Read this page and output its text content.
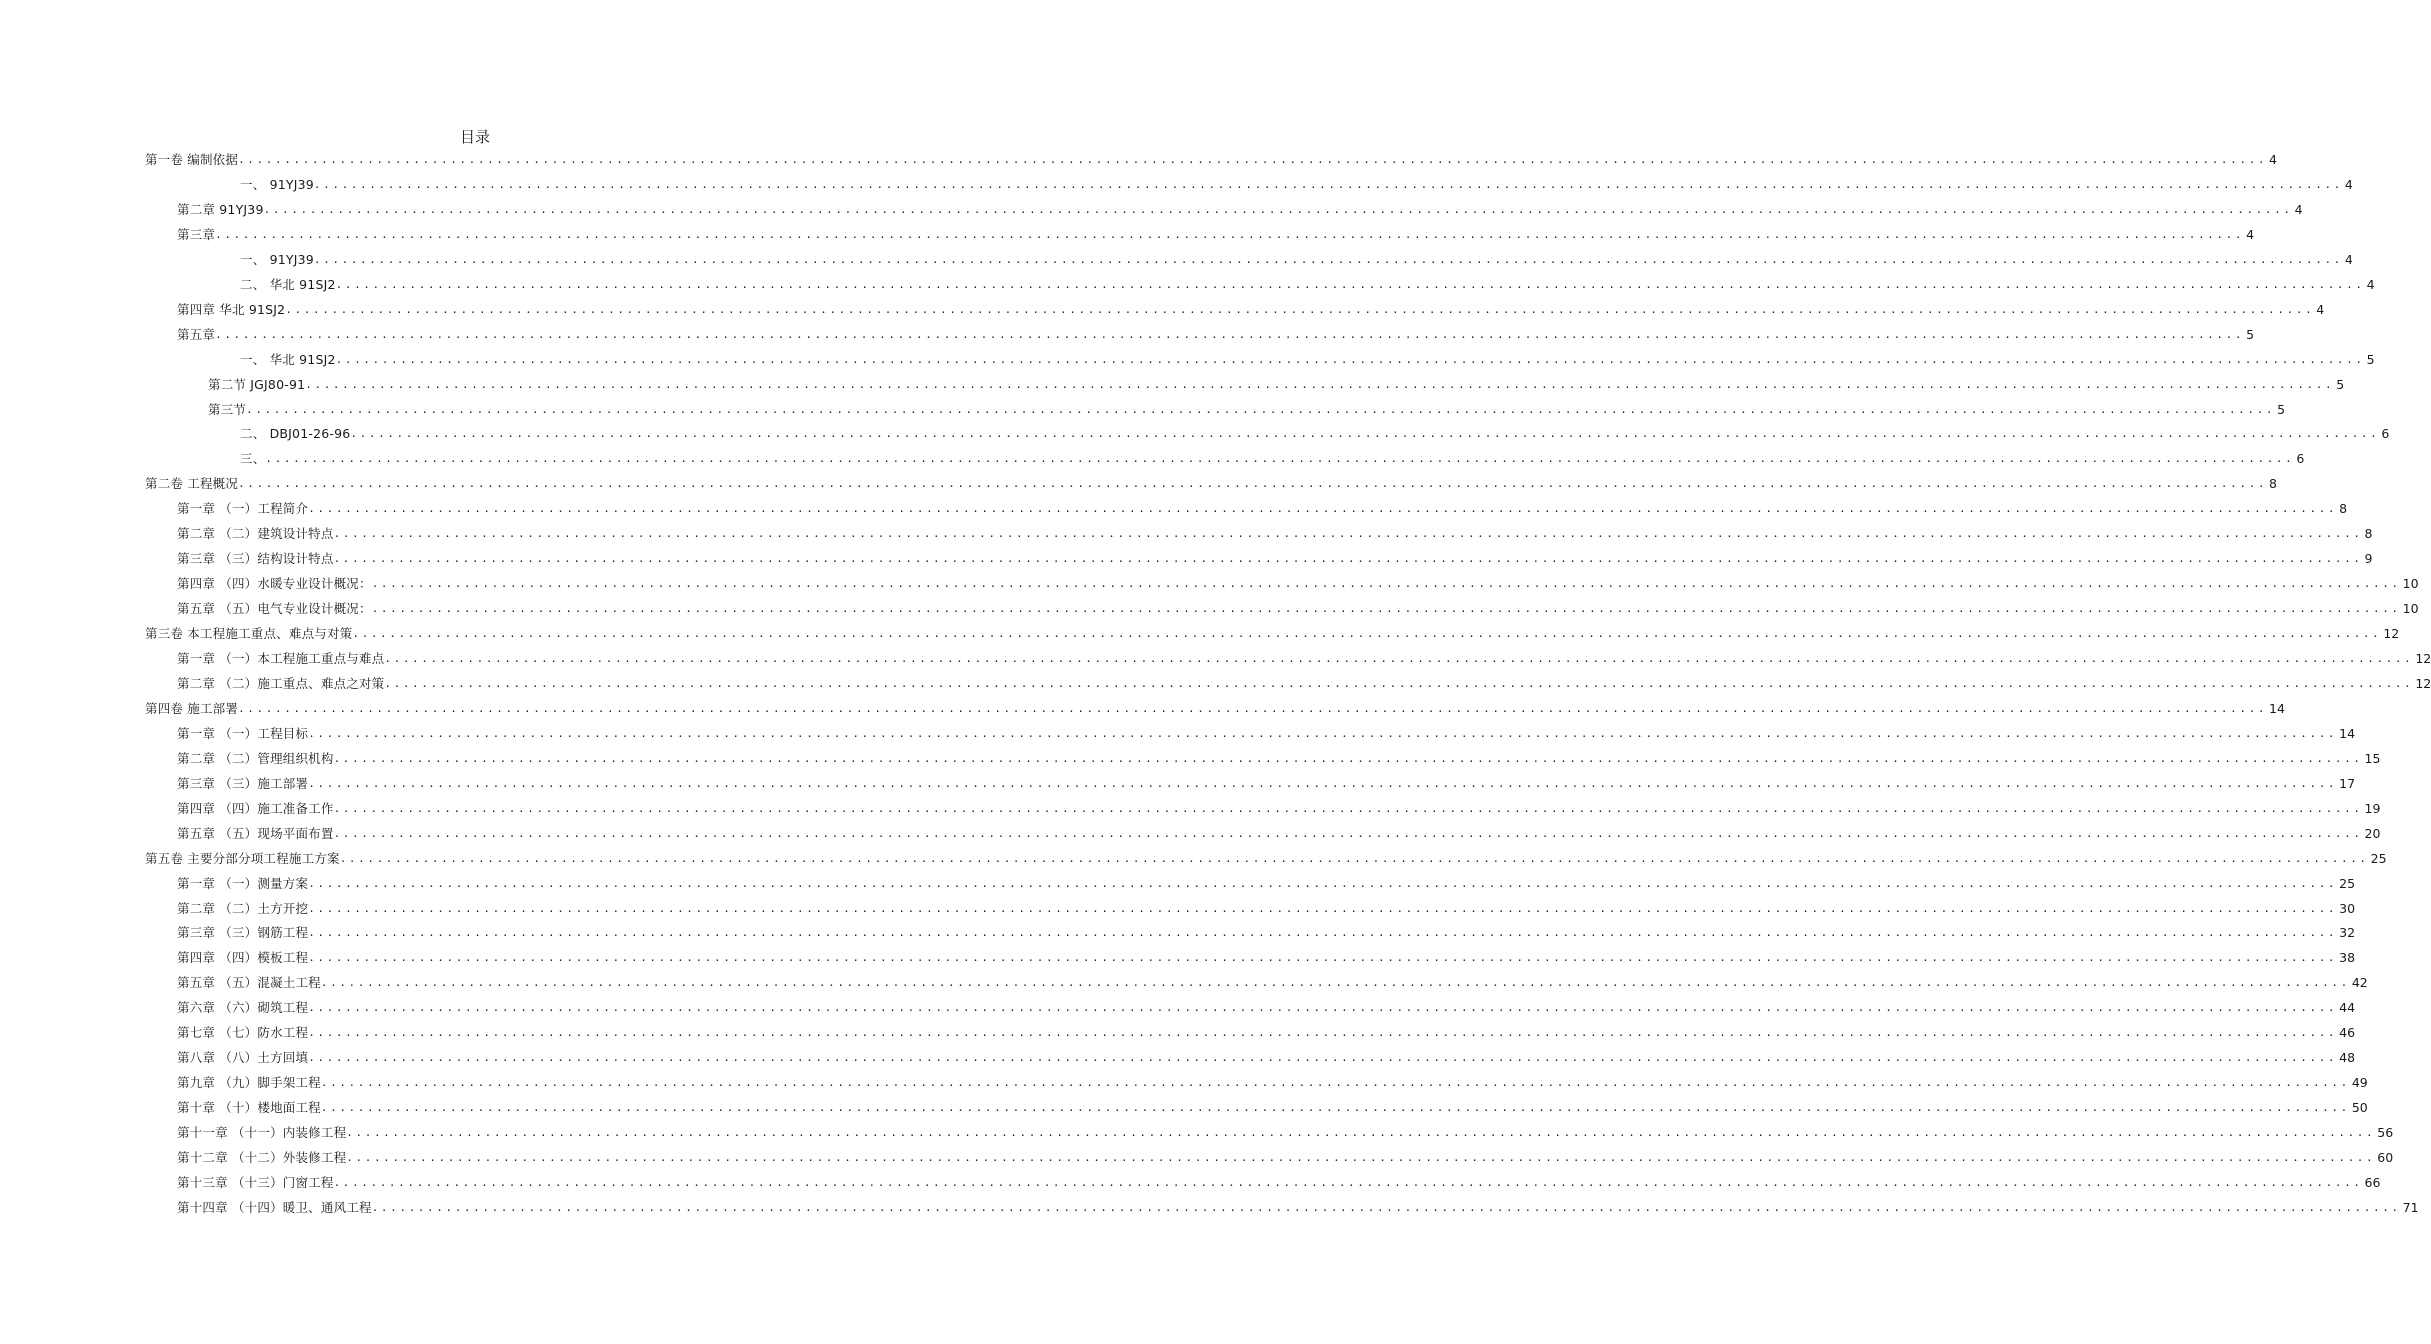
目录
第一卷 编制依据 ............................................................................................................................................................................................................................ 4
一、 91YJ39 ............................................................................................................................................................................................................................ 4
第二章 91YJ39 ............................................................................................................................................................................................................................ 4
第三章 ............................................................................................................................................................................................................................ 4
一、 91YJ39 ............................................................................................................................................................................................................................ 4
二、 华北 91SJ2 ............................................................................................................................................................................................................................ 4
第四章 华北 91SJ2 ............................................................................................................................................................................................................................ 4
第五章 ............................................................................................................................................................................................................................ 5
一、 华北 91SJ2 ............................................................................................................................................................................................................................ 5
第二节 JGJ80-91 ............................................................................................................................................................................................................................ 5
第三节 ............................................................................................................................................................................................................................ 5
二、 DBJ01-26-96 ............................................................................................................................................................................................................................ 6
三、 ............................................................................................................................................................................................................................ 6
第二卷 工程概况 ............................................................................................................................................................................................................................ 8
第一章 （一）工程简介 ............................................................................................................................................................................................................................ 8
第二章 （二）建筑设计特点 ............................................................................................................................................................................................................................ 8
第三章 （三）结构设计特点 ............................................................................................................................................................................................................................ 9
第四章 （四）水暖专业设计概况： ............................................................................................................................................................................................................................ 10
第五章 （五）电气专业设计概况： ............................................................................................................................................................................................................................ 10
第三卷 本工程施工重点、难点与对策 ............................................................................................................................................................................................................................ 12
第一章 （一）本工程施工重点与难点 ............................................................................................................................................................................................................................ 12
第二章 （二）施工重点、难点之对策 ............................................................................................................................................................................................................................ 12
第四卷 施工部署 ............................................................................................................................................................................................................................ 14
第一章 （一）工程目标 ............................................................................................................................................................................................................................ 14
第二章 （二）管理组织机构 ............................................................................................................................................................................................................................ 15
第三章 （三）施工部署 ............................................................................................................................................................................................................................ 17
第四章 （四）施工准备工作 ............................................................................................................................................................................................................................ 19
第五章 （五）现场平面布置 ............................................................................................................................................................................................................................ 20
第五卷 主要分部分项工程施工方案 ............................................................................................................................................................................................................................ 25
第一章 （一）测量方案 ............................................................................................................................................................................................................................ 25
第二章 （二）土方开挖 ............................................................................................................................................................................................................................ 30
第三章 （三）钢筋工程 ............................................................................................................................................................................................................................ 32
第四章 （四）模板工程 ............................................................................................................................................................................................................................ 38
第五章 （五）混凝土工程 ............................................................................................................................................................................................................................ 42
第六章 （六）砌筑工程 ............................................................................................................................................................................................................................ 44
第七章 （七）防水工程 ............................................................................................................................................................................................................................ 46
第八章 （八）土方回填 ............................................................................................................................................................................................................................ 48
第九章 （九）脚手架工程 ............................................................................................................................................................................................................................ 49
第十章 （十）楼地面工程 ............................................................................................................................................................................................................................ 50
第十一章 （十一）内装修工程 ............................................................................................................................................................................................................................ 56
第十二章 （十二）外装修工程 ............................................................................................................................................................................................................................ 60
第十三章 （十三）门窗工程 ............................................................................................................................................................................................................................ 66
第十四章 （十四）暖卫、通风工程 ............................................................................................................................................................................................................................ 71
